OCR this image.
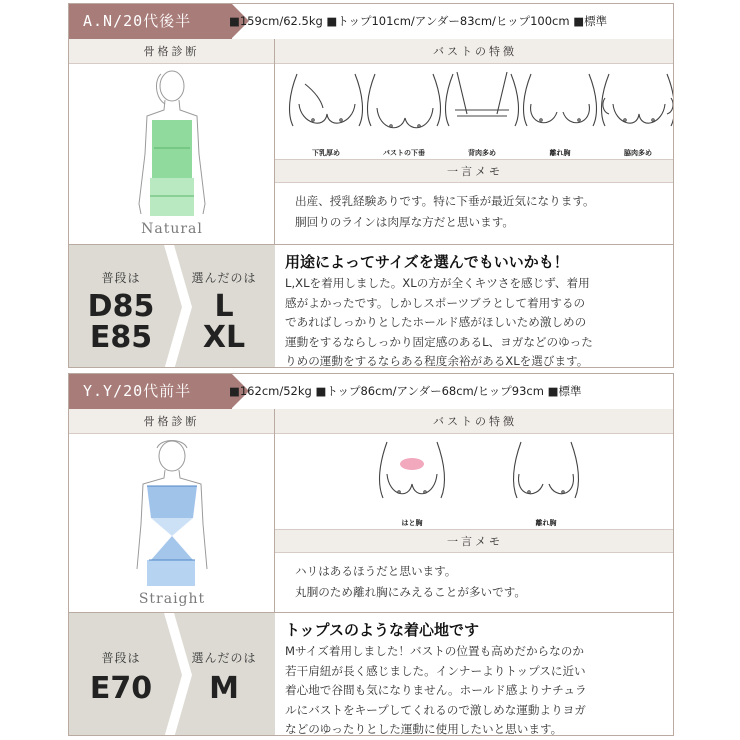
A.N/20代後半	■159cm/62.5kg ■トップ101cm/アンダー83cm/ヒップ100cm ■標準
骨格診断
Natural
バストの特徴
下乳厚め	バストの下垂	背肉多め	離れ胸	脇肉多め
一言メモ
出産、授乳経験ありです。特に下垂が最近気になります。
胴回りのラインは肉厚な方だと思います。
普段は
D85
E85
選んだのは
L
XL
用途によってサイズを選んでもいいかも！
L,XLを着用しました。XLの方が全くキツさを感じず、着用
感がよかったです。しかしスポーツブラとして着用するの
であればしっかりとしたホールド感がほしいため激しめの
運動をするならしっかり固定感のあるL、ヨガなどのゆった
りめの運動をするならある程度余裕があるXLを選びます。
Y.Y/20代前半	■162cm/52kg ■トップ86cm/アンダー68cm/ヒップ93cm ■標準
骨格診断
Straight
バストの特徴
はと胸	離れ胸
一言メモ
ハリはあるほうだと思います。
丸胴のため離れ胸にみえることが多いです。
普段は
E70
選んだのは
M
トップスのような着心地です
Mサイズ着用しました！バストの位置も高めだからなのか
若干肩紐が長く感じました。インナーよりトップスに近い
着心地で谷間も気になりません。ホールド感よりナチュラ
ルにバストをキープしてくれるので激しめな運動よりヨガ
などのゆったりとした運動に使用したいと思います。
